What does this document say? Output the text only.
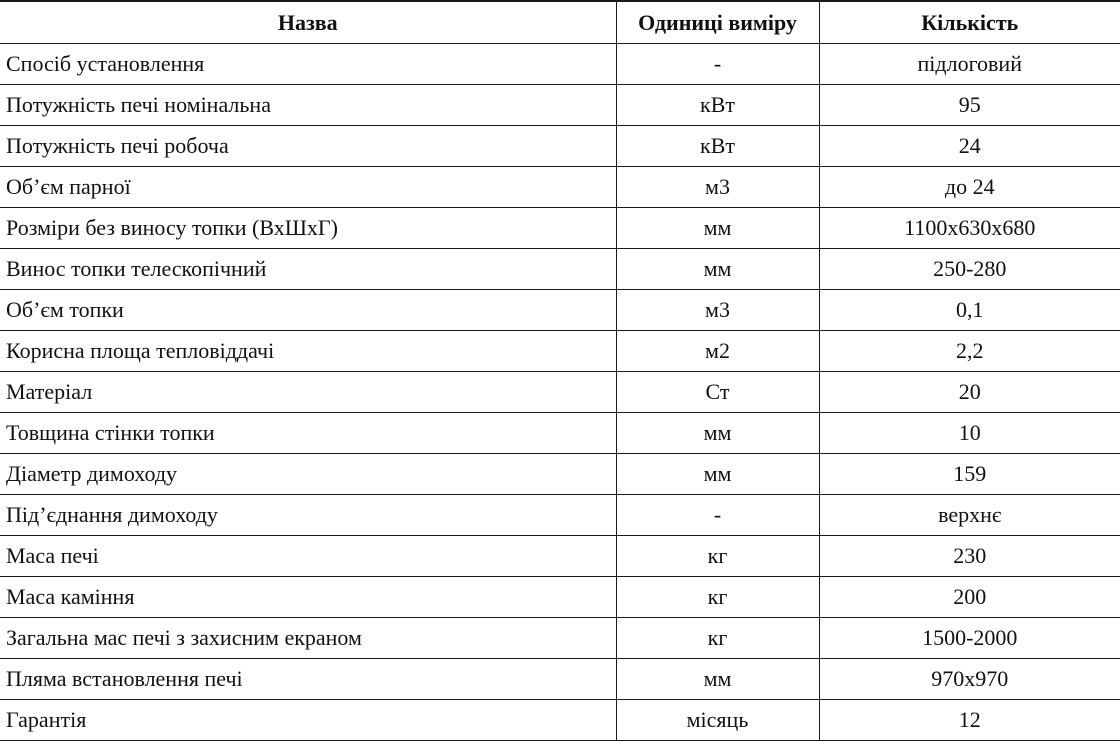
Назва	Одиниці виміру	Кількість
Спосіб установлення	-	підлоговий
Потужність печі номінальна	кВт	95
Потужність печі робоча	кВт	24
Об’єм парної	м3	до 24
Розміри без виносу топки (ВхШхГ)	мм	1100х630х680
Винос топки телескопічний	мм	250-280
Об’єм топки	м3	0,1
Корисна площа тепловіддачі	м2	2,2
Матеріал	Ст	20
Товщина стінки топки	мм	10
Діаметр димоходу	мм	159
Під’єднання димоходу	-	верхнє
Маса печі	кг	230
Маса каміння	кг	200
Загальна мас печі з захисним екраном	кг	1500-2000
Пляма встановлення печі	мм	970х970
Гарантія	місяць	12
